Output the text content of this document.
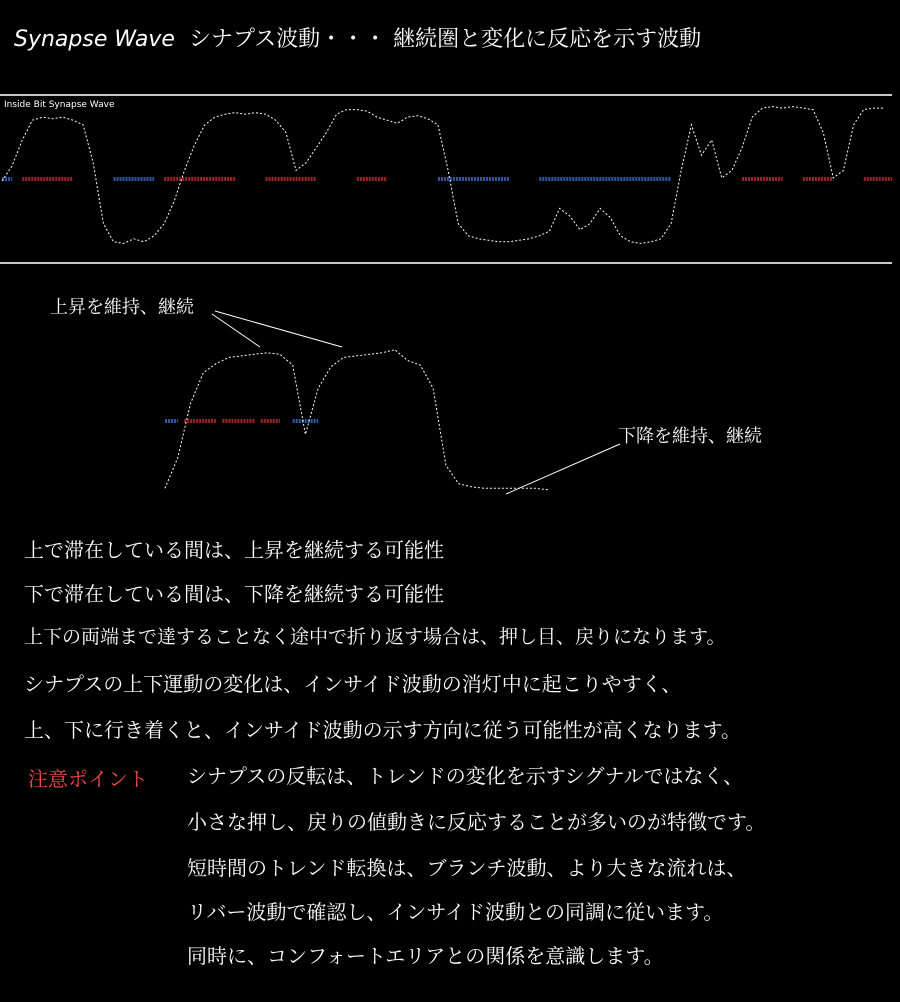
Synapse Wave シナプス波動・・・ 継続圏と変化に反応を示す波動
Inside Bit Synapse Wave
上昇を維持、継続
下降を維持、継続
上で滞在している間は、上昇を継続する可能性
下で滞在している間は、下降を継続する可能性
上下の両端まで達することなく途中で折り返す場合は、押し目、戻りになります。
シナプスの上下運動の変化は、インサイド波動の消灯中に起こりやすく、
上、下に行き着くと、インサイド波動の示す方向に従う可能性が高くなります。
注意ポイント シナプスの反転は、トレンドの変化を示すシグナルではなく、
小さな押し、戻りの値動きに反応することが多いのが特徴です。
短時間のトレンド転換は、ブランチ波動、より大きな流れは、
リバー波動で確認し、インサイド波動との同調に従います。
同時に、コンフォートエリアとの関係を意識します。
